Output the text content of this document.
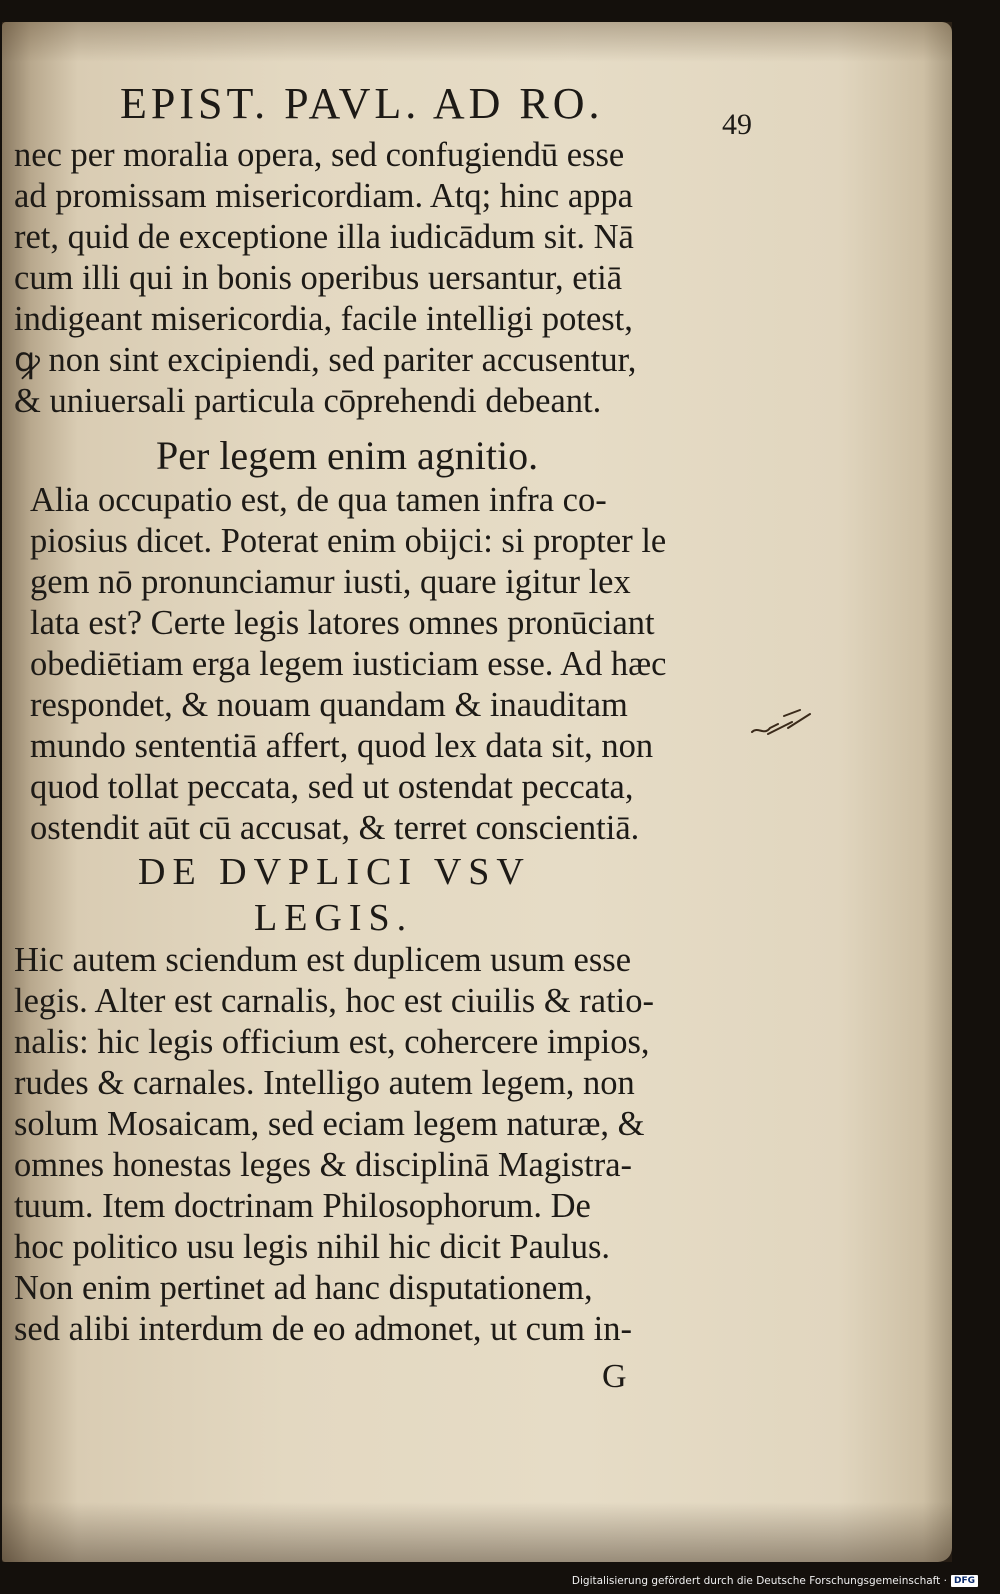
EPIST. PAVL. AD RO.	49
nec per moralia opera, sed confugiendū esse
ad promissam misericordiam. Atq; hinc appa
ret, quid de exceptione illa iudicādum sit. Nā
cum illi qui in bonis operibus uersantur, etiā
indigeant misericordia, facile intelligi potest,
ꝙ non sint excipiendi, sed pariter accusentur,
& uniuersali particula cōprehendi debeant.
Per legem enim agnitio.
Alia occupatio est, de qua tamen infra co-
piosius dicet. Poterat enim obijci: si propter le
gem nō pronunciamur iusti, quare igitur lex
lata est? Certe legis latores omnes pronūciant
obediētiam erga legem iusticiam esse. Ad hæc
respondet, & nouam quandam & inauditam
mundo sententiā affert, quod lex data sit, non
quod tollat peccata, sed ut ostendat peccata,
ostendit aūt cū accusat, & terret conscientiā.
DE DVPLICI VSV
LEGIS.
Hic autem sciendum est duplicem usum esse
legis. Alter est carnalis, hoc est ciuilis & ratio-
nalis: hic legis officium est, cohercere impios,
rudes & carnales. Intelligo autem legem, non
solum Mosaicam, sed eciam legem naturæ, &
omnes honestas leges & disciplinā Magistra-
tuum. Item doctrinam Philosophorum. De
hoc politico usu legis nihil hic dicit Paulus.
Non enim pertinet ad hanc disputationem,
sed alibi interdum de eo admonet, ut cum in-
G
Digitalisierung gefördert durch die Deutsche Forschungsgemeinschaft · DFG
